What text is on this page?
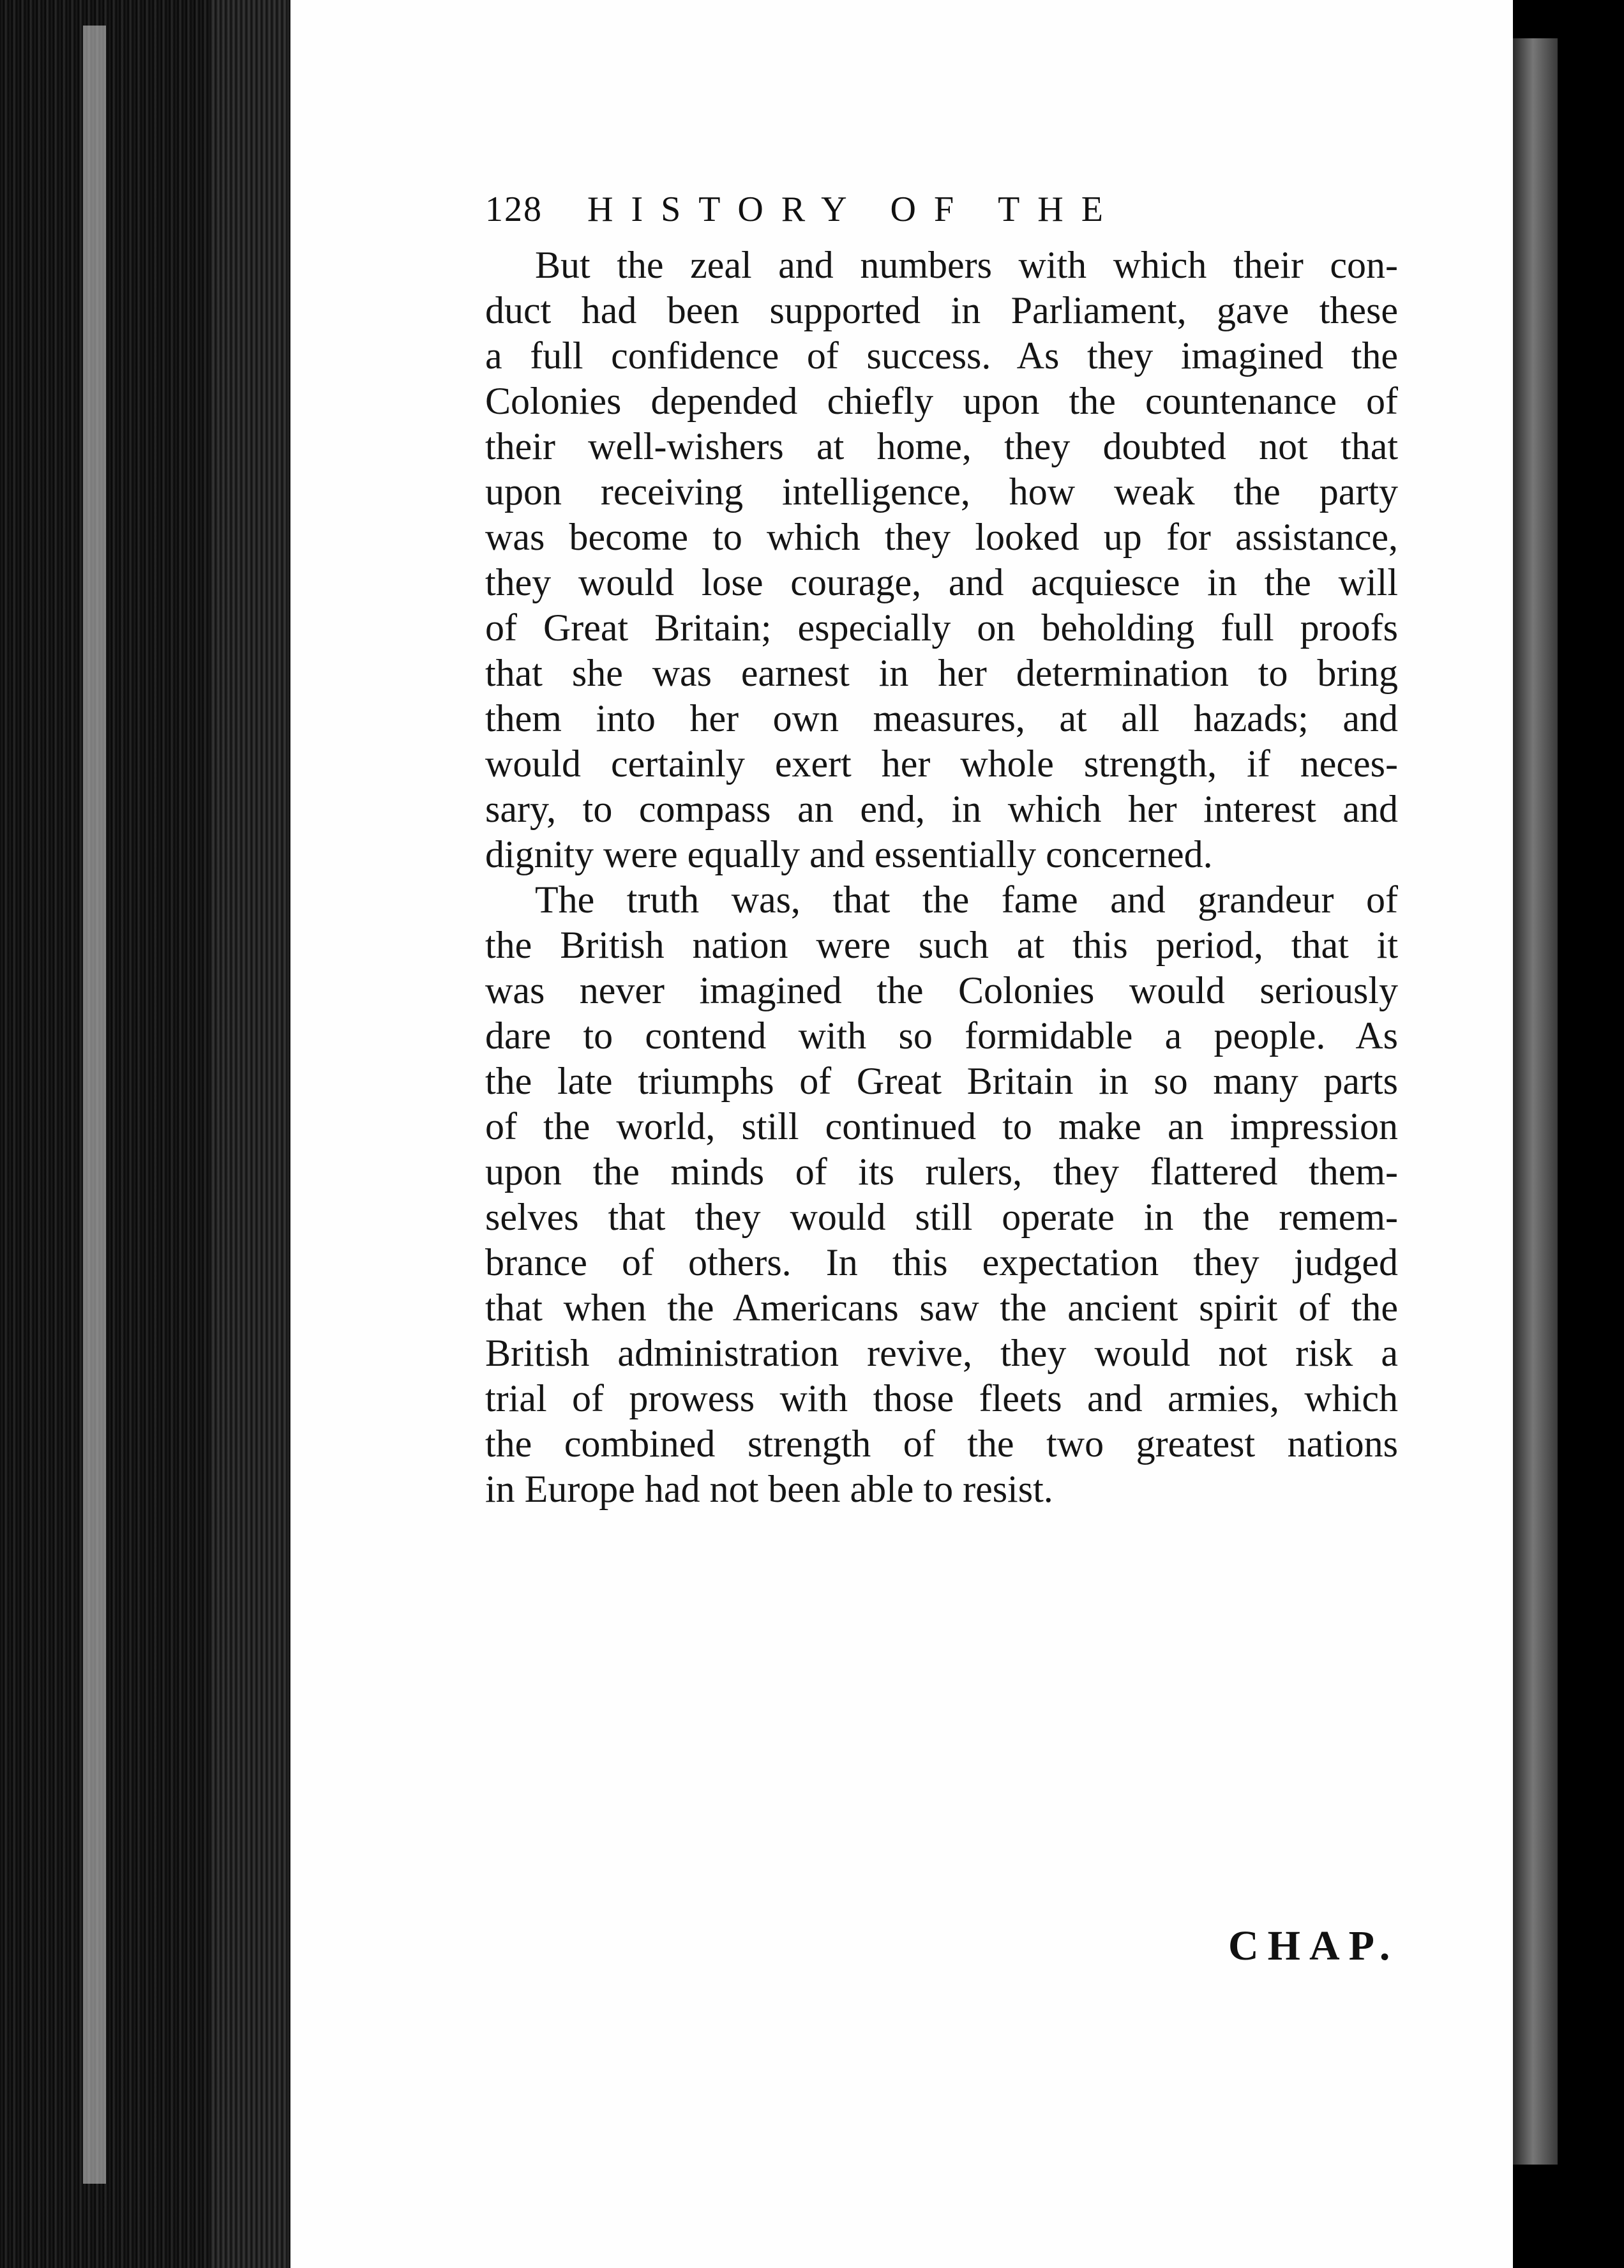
128 HISTORY OF THE
But the zeal and numbers with which their con-
duct had been supported in Parliament, gave these
a full confidence of success. As they imagined the
Colonies depended chiefly upon the countenance of
their well-wishers at home, they doubted not that
upon receiving intelligence, how weak the party
was become to which they looked up for assistance,
they would lose courage, and acquiesce in the will
of Great Britain; especially on beholding full proofs
that she was earnest in her determination to bring
them into her own measures, at all hazads; and
would certainly exert her whole strength, if neces-
sary, to compass an end, in which her interest and
dignity were equally and essentially concerned.
The truth was, that the fame and grandeur of
the British nation were such at this period, that it
was never imagined the Colonies would seriously
dare to contend with so formidable a people. As
the late triumphs of Great Britain in so many parts
of the world, still continued to make an impression
upon the minds of its rulers, they flattered them-
selves that they would still operate in the remem-
brance of others. In this expectation they judged
that when the Americans saw the ancient spirit of the
British administration revive, they would not risk a
trial of prowess with those fleets and armies, which
the combined strength of the two greatest nations
in Europe had not been able to resist.
CHAP.
